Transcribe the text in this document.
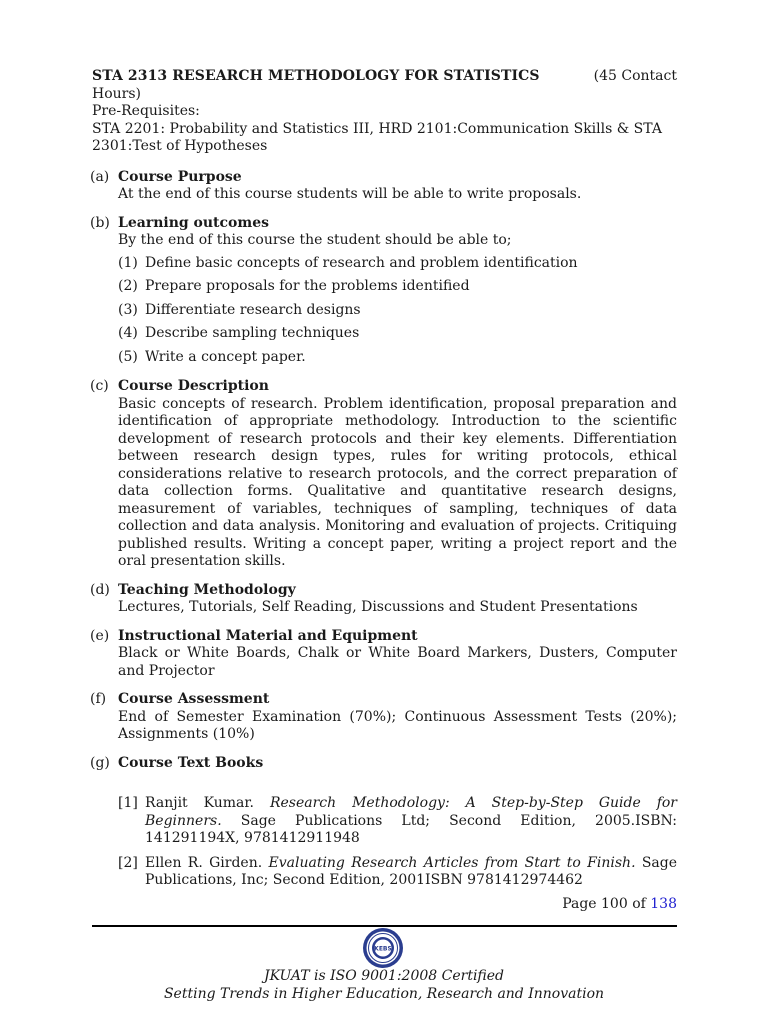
STA 2313 RESEARCH METHODOLOGY FOR STATISTICS	(45 Contact
Hours)
Pre-Requisites:
STA 2201: Probability and Statistics III, HRD 2101:Communication Skills & STA 2301:Test of Hypotheses
(a) Course Purpose
At the end of this course students will be able to write proposals.
(b) Learning outcomes
By the end of this course the student should be able to;
(1) Define basic concepts of research and problem identification
(2) Prepare proposals for the problems identified
(3) Differentiate research designs
(4) Describe sampling techniques
(5) Write a concept paper.
(c) Course Description
Basic concepts of research. Problem identification, proposal preparation and identification of appropriate methodology. Introduction to the scientific development of research protocols and their key elements. Differentiation between research design types, rules for writing protocols, ethical considerations relative to research protocols, and the correct preparation of data collection forms. Qualitative and quantitative research designs, measurement of variables, techniques of sampling, techniques of data collection and data analysis. Monitoring and evaluation of projects. Critiquing published results. Writing a concept paper, writing a project report and the oral presentation skills.
(d) Teaching Methodology
Lectures, Tutorials, Self Reading, Discussions and Student Presentations
(e) Instructional Material and Equipment
Black or White Boards, Chalk or White Board Markers, Dusters, Computer and Projector
(f) Course Assessment
End of Semester Examination (70%); Continuous Assessment Tests (20%); Assignments (10%)
(g) Course Text Books
[1] Ranjit Kumar. Research Methodology: A Step-by-Step Guide for Beginners. Sage Publications Ltd; Second Edition, 2005.ISBN: 141291194X, 9781412911948
[2] Ellen R. Girden. Evaluating Research Articles from Start to Finish. Sage Publications, Inc; Second Edition, 2001ISBN 9781412974462
Page 100 of 138
KEBS
JKUAT is ISO 9001:2008 Certified
Setting Trends in Higher Education, Research and Innovation
